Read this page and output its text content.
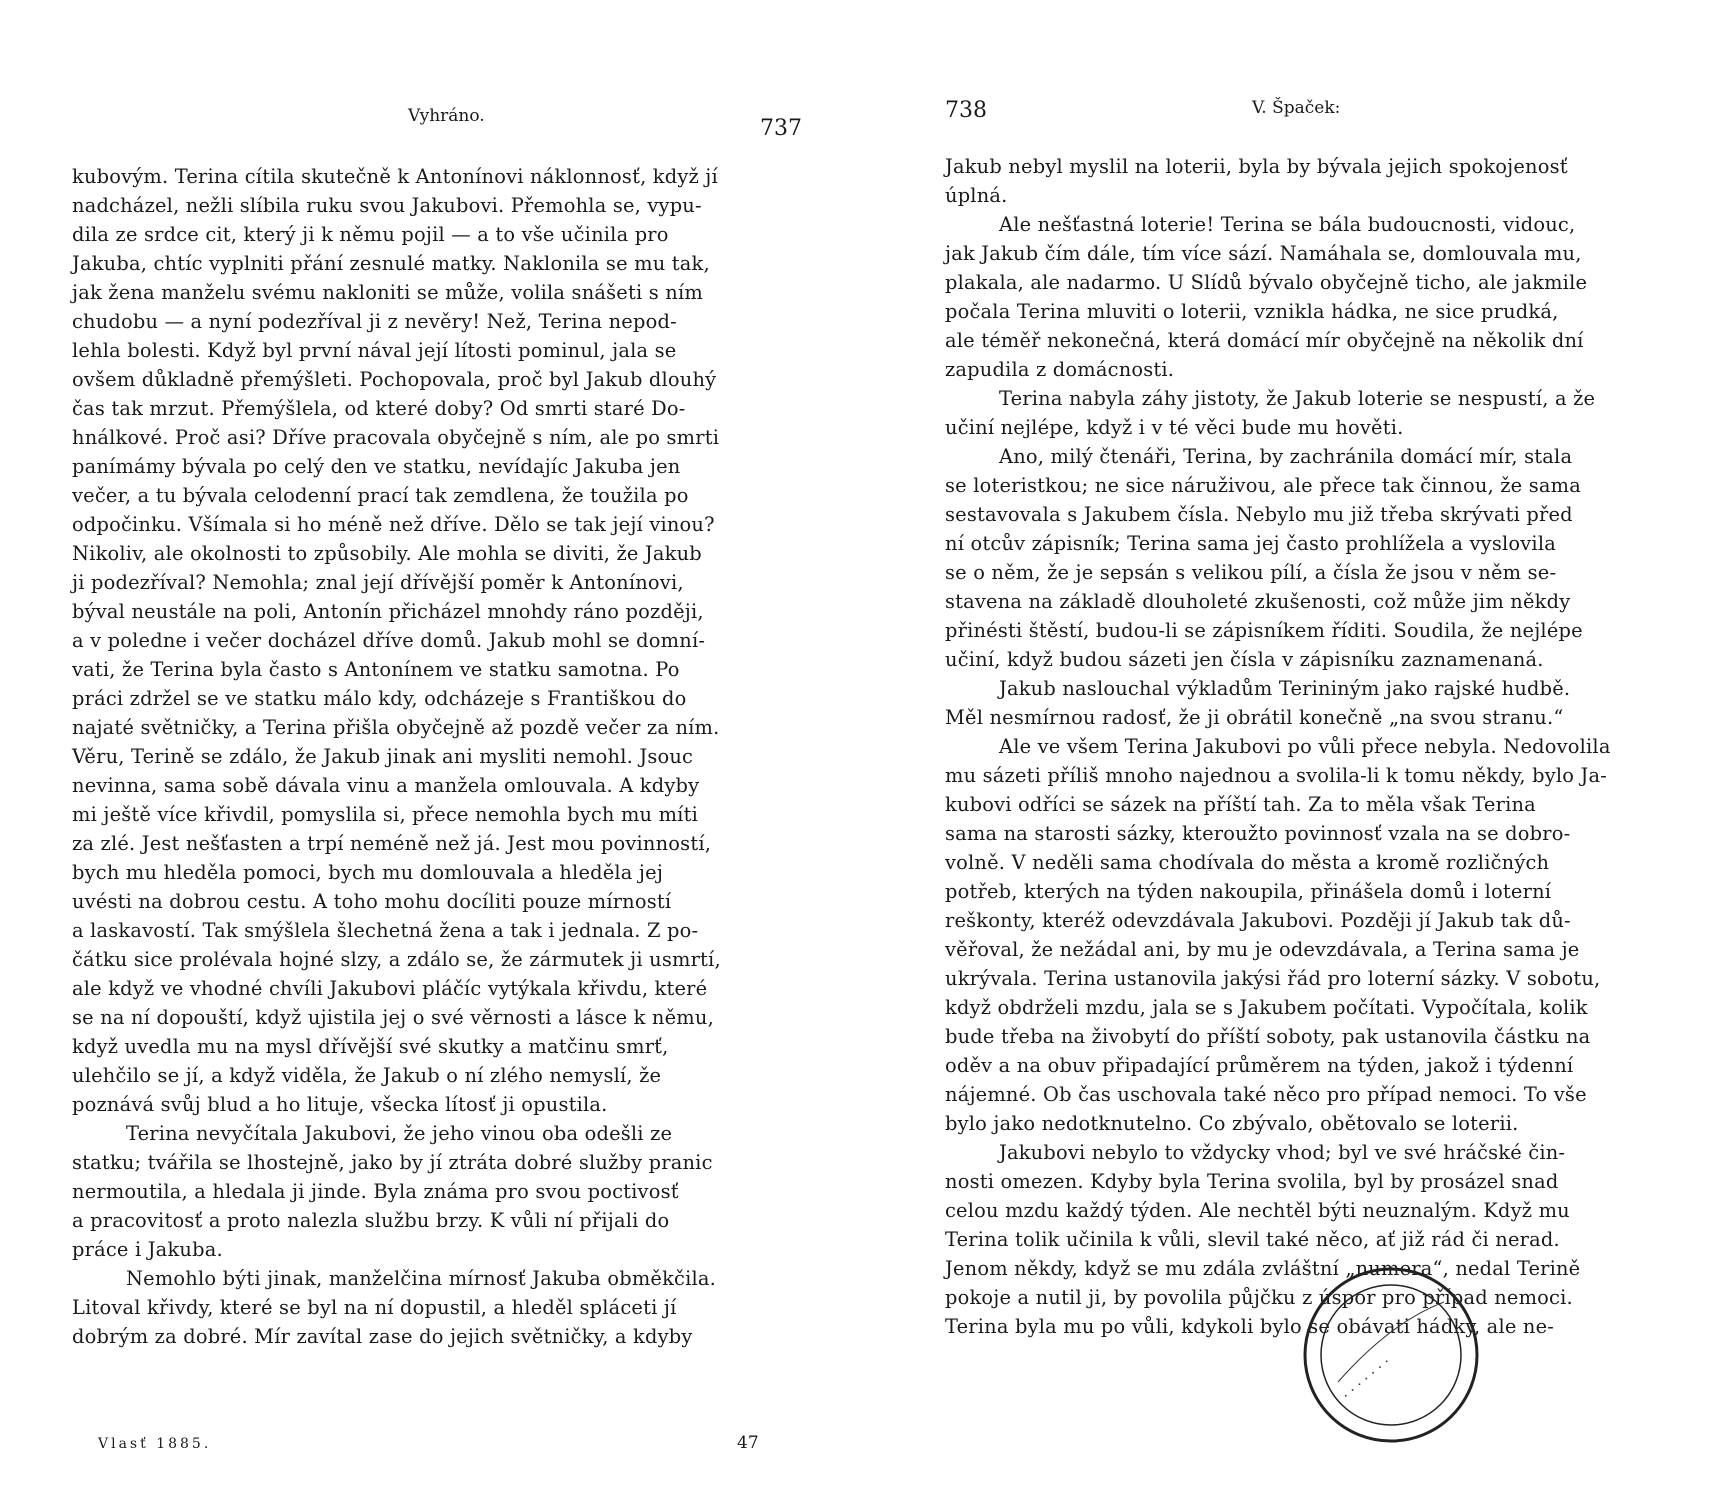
Vyhráno.	737
kubovým. Terina cítila skutečně k Antonínovi náklonnosť, když jí
nadcházel, nežli slíbila ruku svou Jakubovi. Přemohla se, vypu-
dila ze srdce cit, který ji k němu pojil — a to vše učinila pro
Jakuba, chtíc vyplniti přání zesnulé matky. Naklonila se mu tak,
jak žena manželu svému nakloniti se může, volila snášeti s ním
chudobu — a nyní podezříval ji z nevěry! Než, Terina nepod-
lehla bolesti. Když byl první nával její lítosti pominul, jala se
ovšem důkladně přemýšleti. Pochopovala, proč byl Jakub dlouhý
čas tak mrzut. Přemýšlela, od které doby? Od smrti staré Do-
hnálkové. Proč asi? Dříve pracovala obyčejně s ním, ale po smrti
panímámy bývala po celý den ve statku, nevídajíc Jakuba jen
večer, a tu bývala celodenní prací tak zemdlena, že toužila po
odpočinku. Všímala si ho méně než dříve. Dělo se tak její vinou?
Nikoliv, ale okolnosti to způsobily. Ale mohla se diviti, že Jakub
ji podezříval? Nemohla; znal její dřívější poměr k Antonínovi,
býval neustále na poli, Antonín přicházel mnohdy ráno později,
a v poledne i večer docházel dříve domů. Jakub mohl se domní-
vati, že Terina byla často s Antonínem ve statku samotna. Po
práci zdržel se ve statku málo kdy, odcházeje s Františkou do
najaté světničky, a Terina přišla obyčejně až pozdě večer za ním.
Věru, Terině se zdálo, že Jakub jinak ani mysliti nemohl. Jsouc
nevinna, sama sobě dávala vinu a manžela omlouvala. A kdyby
mi ještě více křivdil, pomyslila si, přece nemohla bych mu míti
za zlé. Jest nešťasten a trpí neméně než já. Jest mou povinností,
bych mu hleděla pomoci, bych mu domlouvala a hleděla jej
uvésti na dobrou cestu. A toho mohu docíliti pouze mírností
a laskavostí. Tak smýšlela šlechetná žena a tak i jednala. Z po-
čátku sice prolévala hojné slzy, a zdálo se, že zármutek ji usmrtí,
ale když ve vhodné chvíli Jakubovi pláčíc vytýkala křivdu, které
se na ní dopouští, když ujistila jej o své věrnosti a lásce k němu,
když uvedla mu na mysl dřívější své skutky a matčinu smrť,
ulehčilo se jí, a když viděla, že Jakub o ní zlého nemyslí, že
poznává svůj blud a ho lituje, všecka lítosť ji opustila.
Terina nevyčítala Jakubovi, že jeho vinou oba odešli ze
statku; tvářila se lhostejně, jako by jí ztráta dobré služby pranic
nermoutila, a hledala ji jinde. Byla známa pro svou poctivosť
a pracovitosť a proto nalezla službu brzy. K vůli ní přijali do
práce i Jakuba.
Nemohlo býti jinak, manželčina mírnosť Jakuba obměkčila.
Litoval křivdy, které se byl na ní dopustil, a hleděl spláceti jí
dobrým za dobré. Mír zavítal zase do jejich světničky, a kdyby
Vlasť 1885.	47
738	V. Špaček:
Jakub nebyl myslil na loterii, byla by bývala jejich spokojenosť
úplná.
Ale nešťastná loterie! Terina se bála budoucnosti, vidouc,
jak Jakub čím dále, tím více sází. Namáhala se, domlouvala mu,
plakala, ale nadarmo. U Slídů bývalo obyčejně ticho, ale jakmile
počala Terina mluviti o loterii, vznikla hádka, ne sice prudká,
ale téměř nekonečná, která domácí mír obyčejně na několik dní
zapudila z domácnosti.
Terina nabyla záhy jistoty, že Jakub loterie se nespustí, a že
učiní nejlépe, když i v té věci bude mu hověti.
Ano, milý čtenáři, Terina, by zachránila domácí mír, stala
se loteristkou; ne sice náruživou, ale přece tak činnou, že sama
sestavovala s Jakubem čísla. Nebylo mu již třeba skrývati před
ní otcův zápisník; Terina sama jej často prohlížela a vyslovila
se o něm, že je sepsán s velikou pílí, a čísla že jsou v něm se-
stavena na základě dlouholeté zkušenosti, což může jim někdy
přinésti štěstí, budou-li se zápisníkem říditi. Soudila, že nejlépe
učiní, když budou sázeti jen čísla v zápisníku zaznamenaná.
Jakub naslouchal výkladům Terininým jako rajské hudbě.
Měl nesmírnou radosť, že ji obrátil konečně „na svou stranu.“
Ale ve všem Terina Jakubovi po vůli přece nebyla. Nedovolila
mu sázeti příliš mnoho najednou a svolila-li k tomu někdy, bylo Ja-
kubovi odříci se sázek na příští tah. Za to měla však Terina
sama na starosti sázky, kteroužto povinnosť vzala na se dobro-
volně. V neděli sama chodívala do města a kromě rozličných
potřeb, kterých na týden nakoupila, přinášela domů i loterní
reškonty, kteréž odevzdávala Jakubovi. Později jí Jakub tak dů-
věřoval, že nežádal ani, by mu je odevzdávala, a Terina sama je
ukrývala. Terina ustanovila jakýsi řád pro loterní sázky. V sobotu,
když obdrželi mzdu, jala se s Jakubem počítati. Vypočítala, kolik
bude třeba na živobytí do příští soboty, pak ustanovila částku na
oděv a na obuv připadající průměrem na týden, jakož i týdenní
nájemné. Ob čas uschovala také něco pro případ nemoci. To vše
bylo jako nedotknutelno. Co zbývalo, obětovalo se loterii.
Jakubovi nebylo to vždycky vhod; byl ve své hráčské čin-
nosti omezen. Kdyby byla Terina svolila, byl by prosázel snad
celou mzdu každý týden. Ale nechtěl býti neuznalým. Když mu
Terina tolik učinila k vůli, slevil také něco, ať již rád či nerad.
Jenom někdy, když se mu zdála zvláštní „numera“, nedal Terině
pokoje a nutil ji, by povolila půjčku z úspor pro případ nemoci.
Terina byla mu po vůli, kdykoli bylo se obávati hádky, ale ne-
· · · · · · ·
